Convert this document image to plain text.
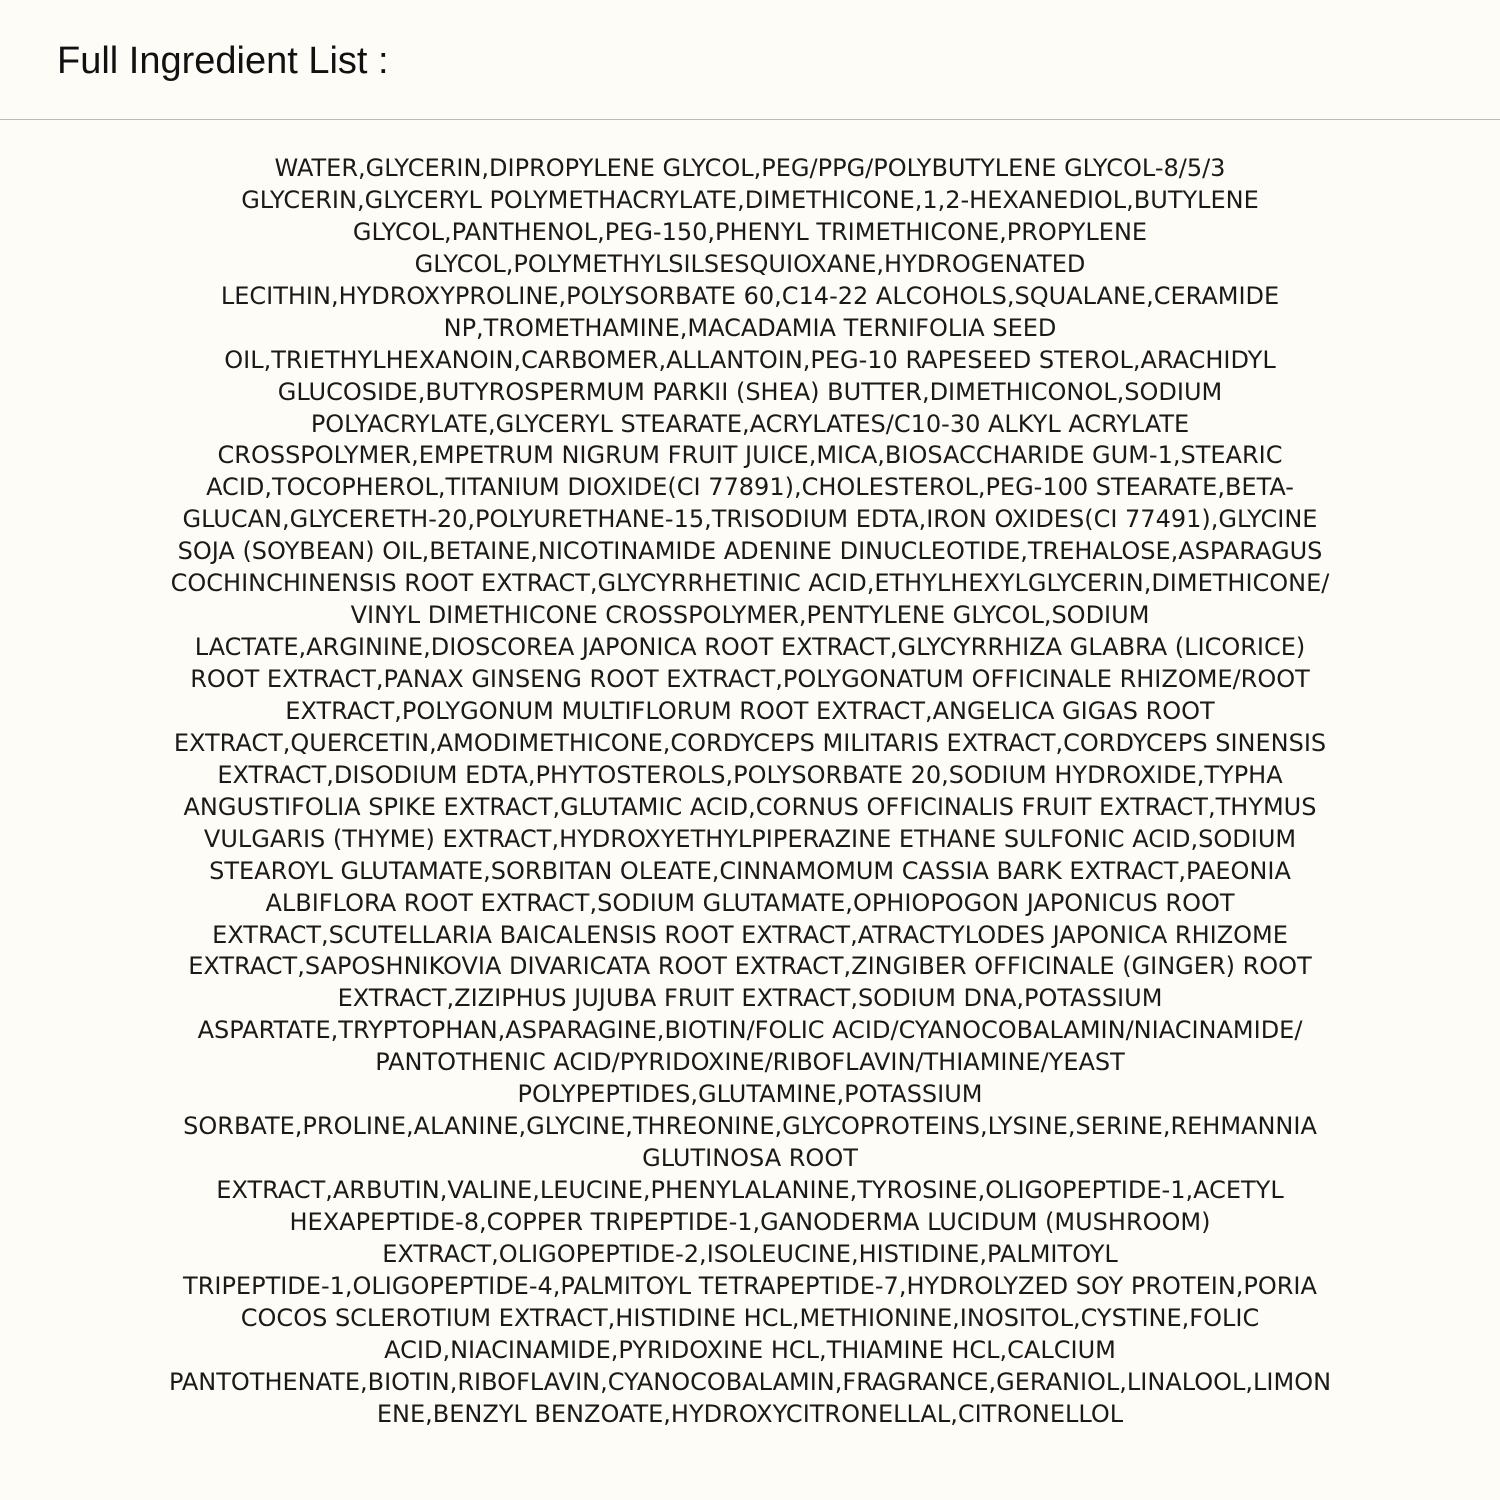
Full Ingredient List :
WATER,GLYCERIN,DIPROPYLENE GLYCOL,PEG/PPG/POLYBUTYLENE GLYCOL-8/5/3
GLYCERIN,GLYCERYL POLYMETHACRYLATE,DIMETHICONE,1,2-HEXANEDIOL,BUTYLENE
GLYCOL,PANTHENOL,PEG-150,PHENYL TRIMETHICONE,PROPYLENE
GLYCOL,POLYMETHYLSILSESQUIOXANE,HYDROGENATED
LECITHIN,HYDROXYPROLINE,POLYSORBATE 60,C14-22 ALCOHOLS,SQUALANE,CERAMIDE
NP,TROMETHAMINE,MACADAMIA TERNIFOLIA SEED
OIL,TRIETHYLHEXANOIN,CARBOMER,ALLANTOIN,PEG-10 RAPESEED STEROL,ARACHIDYL
GLUCOSIDE,BUTYROSPERMUM PARKII (SHEA) BUTTER,DIMETHICONOL,SODIUM
POLYACRYLATE,GLYCERYL STEARATE,ACRYLATES/C10-30 ALKYL ACRYLATE
CROSSPOLYMER,EMPETRUM NIGRUM FRUIT JUICE,MICA,BIOSACCHARIDE GUM-1,STEARIC
ACID,TOCOPHEROL,TITANIUM DIOXIDE(CI 77891),CHOLESTEROL,PEG-100 STEARATE,BETA-
GLUCAN,GLYCERETH-20,POLYURETHANE-15,TRISODIUM EDTA,IRON OXIDES(CI 77491),GLYCINE
SOJA (SOYBEAN) OIL,BETAINE,NICOTINAMIDE ADENINE DINUCLEOTIDE,TREHALOSE,ASPARAGUS
COCHINCHINENSIS ROOT EXTRACT,GLYCYRRHETINIC ACID,ETHYLHEXYLGLYCERIN,DIMETHICONE/
VINYL DIMETHICONE CROSSPOLYMER,PENTYLENE GLYCOL,SODIUM
LACTATE,ARGININE,DIOSCOREA JAPONICA ROOT EXTRACT,GLYCYRRHIZA GLABRA (LICORICE)
ROOT EXTRACT,PANAX GINSENG ROOT EXTRACT,POLYGONATUM OFFICINALE RHIZOME/ROOT
EXTRACT,POLYGONUM MULTIFLORUM ROOT EXTRACT,ANGELICA GIGAS ROOT
EXTRACT,QUERCETIN,AMODIMETHICONE,CORDYCEPS MILITARIS EXTRACT,CORDYCEPS SINENSIS
EXTRACT,DISODIUM EDTA,PHYTOSTEROLS,POLYSORBATE 20,SODIUM HYDROXIDE,TYPHA
ANGUSTIFOLIA SPIKE EXTRACT,GLUTAMIC ACID,CORNUS OFFICINALIS FRUIT EXTRACT,THYMUS
VULGARIS (THYME) EXTRACT,HYDROXYETHYLPIPERAZINE ETHANE SULFONIC ACID,SODIUM
STEAROYL GLUTAMATE,SORBITAN OLEATE,CINNAMOMUM CASSIA BARK EXTRACT,PAEONIA
ALBIFLORA ROOT EXTRACT,SODIUM GLUTAMATE,OPHIOPOGON JAPONICUS ROOT
EXTRACT,SCUTELLARIA BAICALENSIS ROOT EXTRACT,ATRACTYLODES JAPONICA RHIZOME
EXTRACT,SAPOSHNIKOVIA DIVARICATA ROOT EXTRACT,ZINGIBER OFFICINALE (GINGER) ROOT
EXTRACT,ZIZIPHUS JUJUBA FRUIT EXTRACT,SODIUM DNA,POTASSIUM
ASPARTATE,TRYPTOPHAN,ASPARAGINE,BIOTIN/FOLIC ACID/CYANOCOBALAMIN/NIACINAMIDE/
PANTOTHENIC ACID/PYRIDOXINE/RIBOFLAVIN/THIAMINE/YEAST
POLYPEPTIDES,GLUTAMINE,POTASSIUM
SORBATE,PROLINE,ALANINE,GLYCINE,THREONINE,GLYCOPROTEINS,LYSINE,SERINE,REHMANNIA
GLUTINOSA ROOT
EXTRACT,ARBUTIN,VALINE,LEUCINE,PHENYLALANINE,TYROSINE,OLIGOPEPTIDE-1,ACETYL
HEXAPEPTIDE-8,COPPER TRIPEPTIDE-1,GANODERMA LUCIDUM (MUSHROOM)
EXTRACT,OLIGOPEPTIDE-2,ISOLEUCINE,HISTIDINE,PALMITOYL
TRIPEPTIDE-1,OLIGOPEPTIDE-4,PALMITOYL TETRAPEPTIDE-7,HYDROLYZED SOY PROTEIN,PORIA
COCOS SCLEROTIUM EXTRACT,HISTIDINE HCL,METHIONINE,INOSITOL,CYSTINE,FOLIC
ACID,NIACINAMIDE,PYRIDOXINE HCL,THIAMINE HCL,CALCIUM
PANTOTHENATE,BIOTIN,RIBOFLAVIN,CYANOCOBALAMIN,FRAGRANCE,GERANIOL,LINALOOL,LIMON
ENE,BENZYL BENZOATE,HYDROXYCITRONELLAL,CITRONELLOL
